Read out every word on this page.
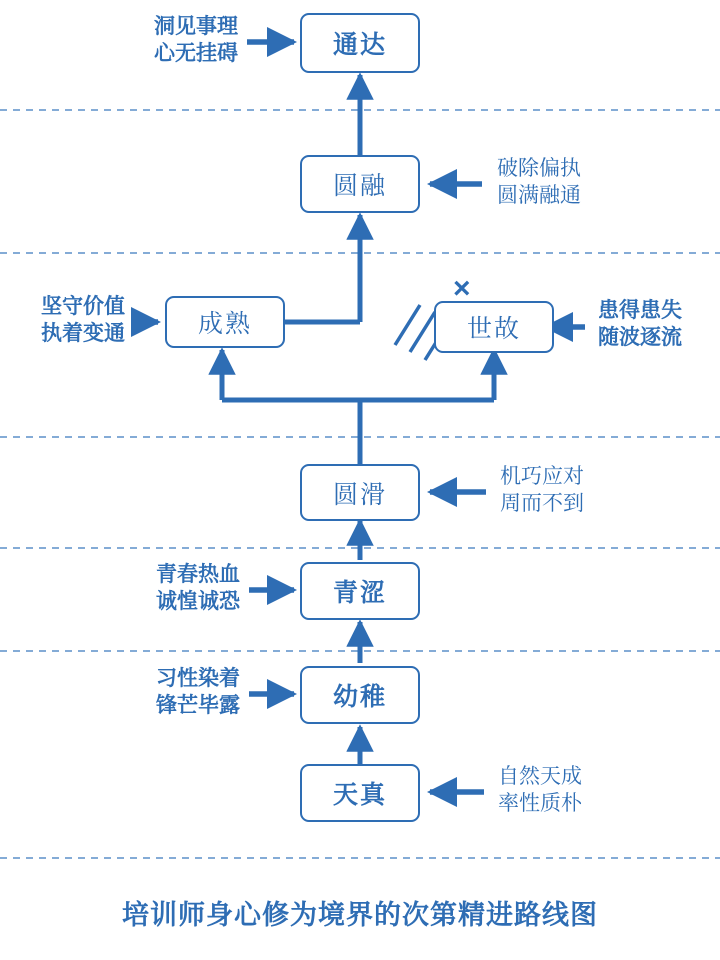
通达
圆融
成熟	世故
×
圆滑
青涩
幼稚
天真
洞见事理
心无挂碍
破除偏执
圆满融通
坚守价值
执着变通
患得患失
随波逐流
机巧应对
周而不到
青春热血
诚惶诚恐
习性染着
锋芒毕露
自然天成
率性质朴
培训师身心修为境界的次第精进路线图
